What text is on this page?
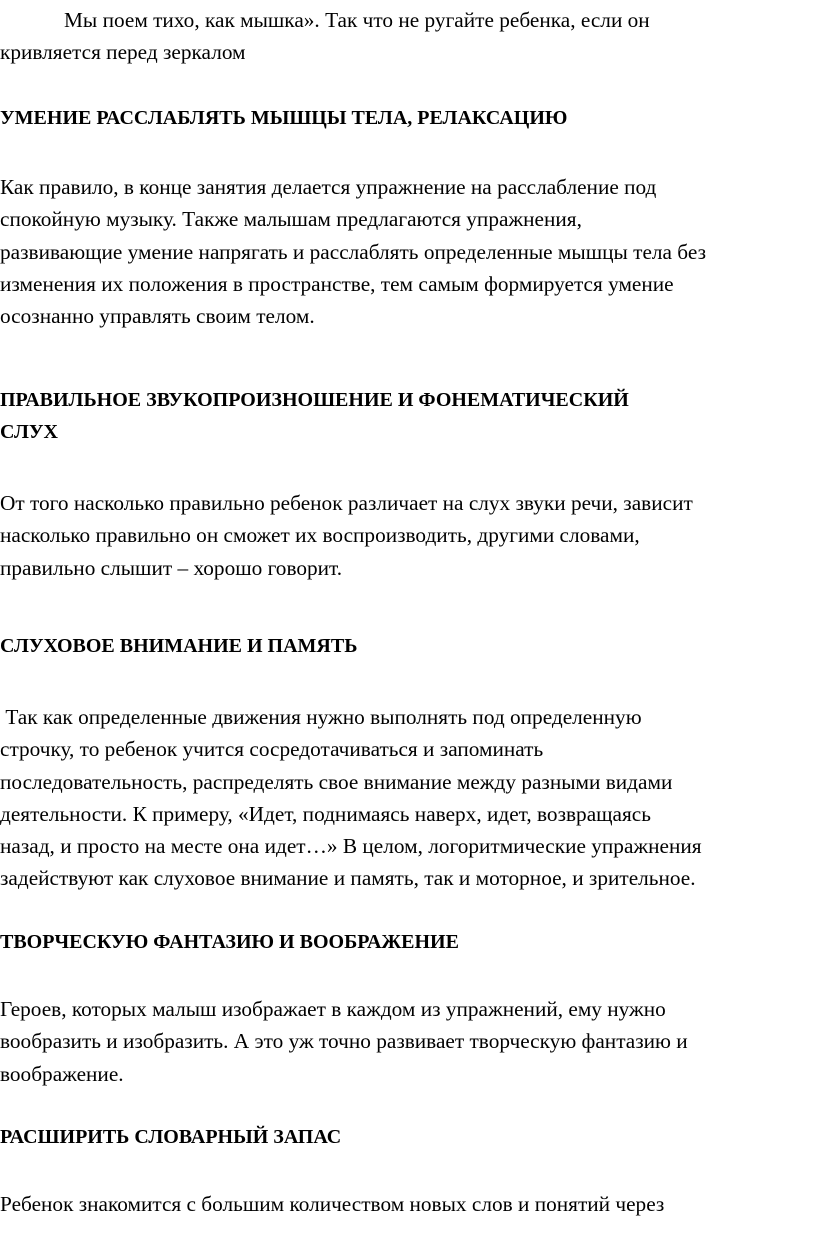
Мы поем тихо, как мышка». Так что не ругайте ребенка, если он
кривляется перед зеркалом

УМЕНИЕ РАССЛАБЛЯТЬ МЫШЦЫ ТЕЛА, РЕЛАКСАЦИЮ

Как правило, в конце занятия делается упражнение на расслабление под
спокойную музыку. Также малышам предлагаются упражнения,
развивающие умение напрягать и расслаблять определенные мышцы тела без
изменения их положения в пространстве, тем самым формируется умение
осознанно управлять своим телом.

ПРАВИЛЬНОЕ ЗВУКОПРОИЗНОШЕНИЕ И ФОНЕМАТИЧЕСКИЙ
СЛУХ

От того насколько правильно ребенок различает на слух звуки речи, зависит
насколько правильно он сможет их воспроизводить, другими словами,
правильно слышит – хорошо говорит.

СЛУХОВОЕ ВНИМАНИЕ И ПАМЯТЬ

Так как определенные движения нужно выполнять под определенную
строчку, то ребенок учится сосредотачиваться и запоминать
последовательность, распределять свое внимание между разными видами
деятельности. К примеру, «Идет, поднимаясь наверх, идет, возвращаясь
назад, и просто на месте она идет…» В целом, логоритмические упражнения
задействуют как слуховое внимание и память, так и моторное, и зрительное.

ТВОРЧЕСКУЮ ФАНТАЗИЮ И ВООБРАЖЕНИЕ

Героев, которых малыш изображает в каждом из упражнений, ему нужно
вообразить и изобразить. А это уж точно развивает творческую фантазию и
воображение.

РАСШИРИТЬ СЛОВАРНЫЙ ЗАПАС

Ребенок знакомится с большим количеством новых слов и понятий через
